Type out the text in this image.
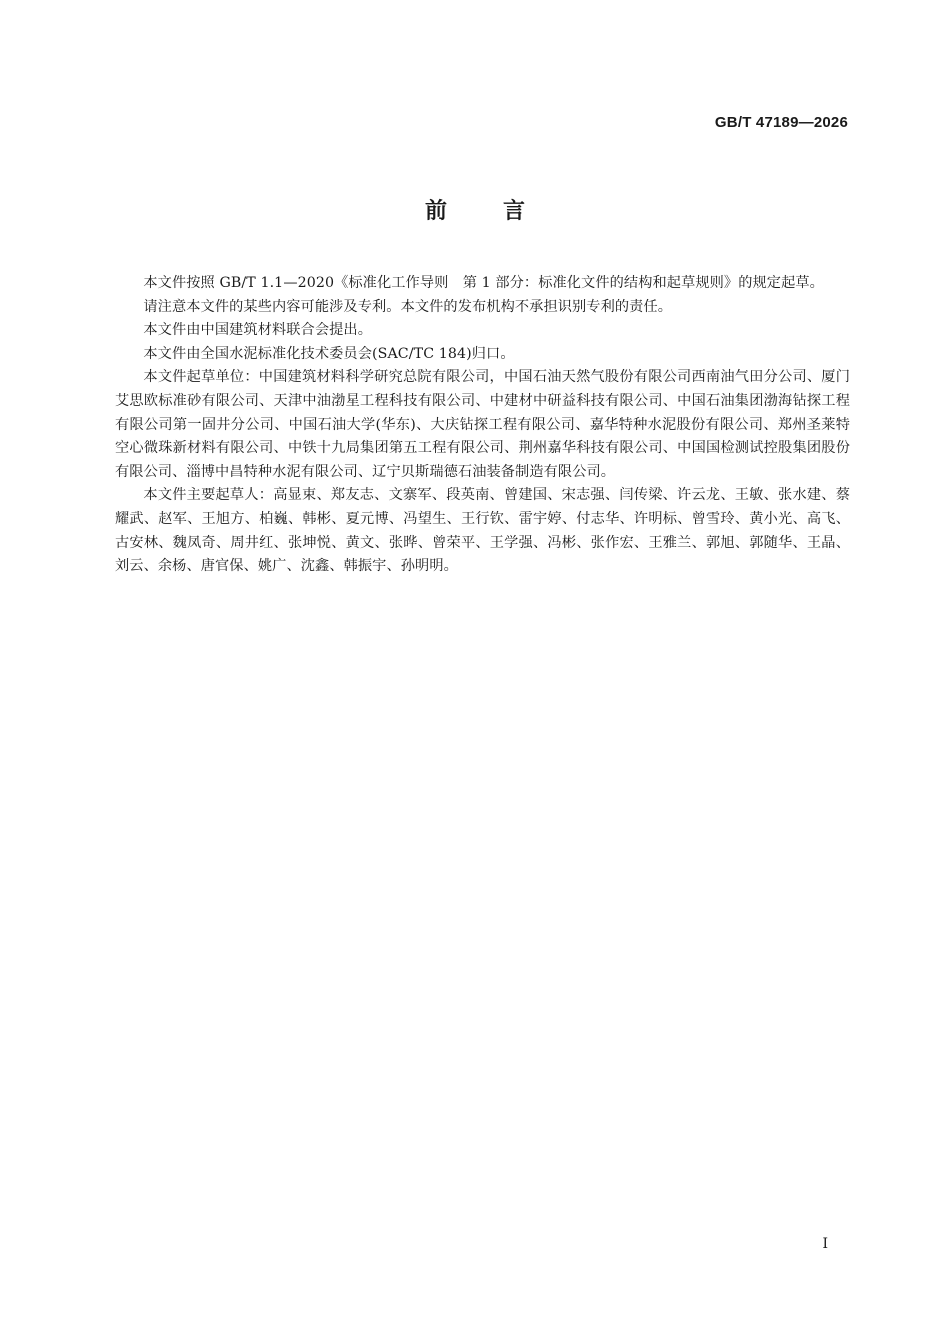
GB/T 47189—2026
前言

本文件按照 GB/T 1.1—2020《标准化工作导则　第 1 部分：标准化文件的结构和起草规则》的规定起草。

请注意本文件的某些内容可能涉及专利。本文件的发布机构不承担识别专利的责任。

本文件由中国建筑材料联合会提出。

本文件由全国水泥标准化技术委员会(SAC/TC 184)归口。

本文件起草单位：中国建筑材料科学研究总院有限公司，中国石油天然气股份有限公司西南油气田分公司、厦门艾思欧标准砂有限公司、天津中油渤星工程科技有限公司、中建材中研益科技有限公司、中国石油集团渤海钻探工程有限公司第一固井分公司、中国石油大学(华东)、大庆钻探工程有限公司、嘉华特种水泥股份有限公司、郑州圣莱特空心微珠新材料有限公司、中铁十九局集团第五工程有限公司、荆州嘉华科技有限公司、中国国检测试控股集团股份有限公司、淄博中昌特种水泥有限公司、辽宁贝斯瑞德石油装备制造有限公司。

本文件主要起草人：高显束、郑友志、文寨军、段英南、曾建国、宋志强、闫传梁、许云龙、王敏、张水建、蔡耀武、赵军、王旭方、柏巍、韩彬、夏元博、冯望生、王行钦、雷宇婷、付志华、许明标、曾雪玲、黄小光、高飞、古安林、魏凤奇、周井红、张坤悦、黄文、张晔、曾荣平、王学强、冯彬、张作宏、王雅兰、郭旭、郭随华、王晶、刘云、余杨、唐官保、姚广、沈鑫、韩振宇、孙明明。

I
